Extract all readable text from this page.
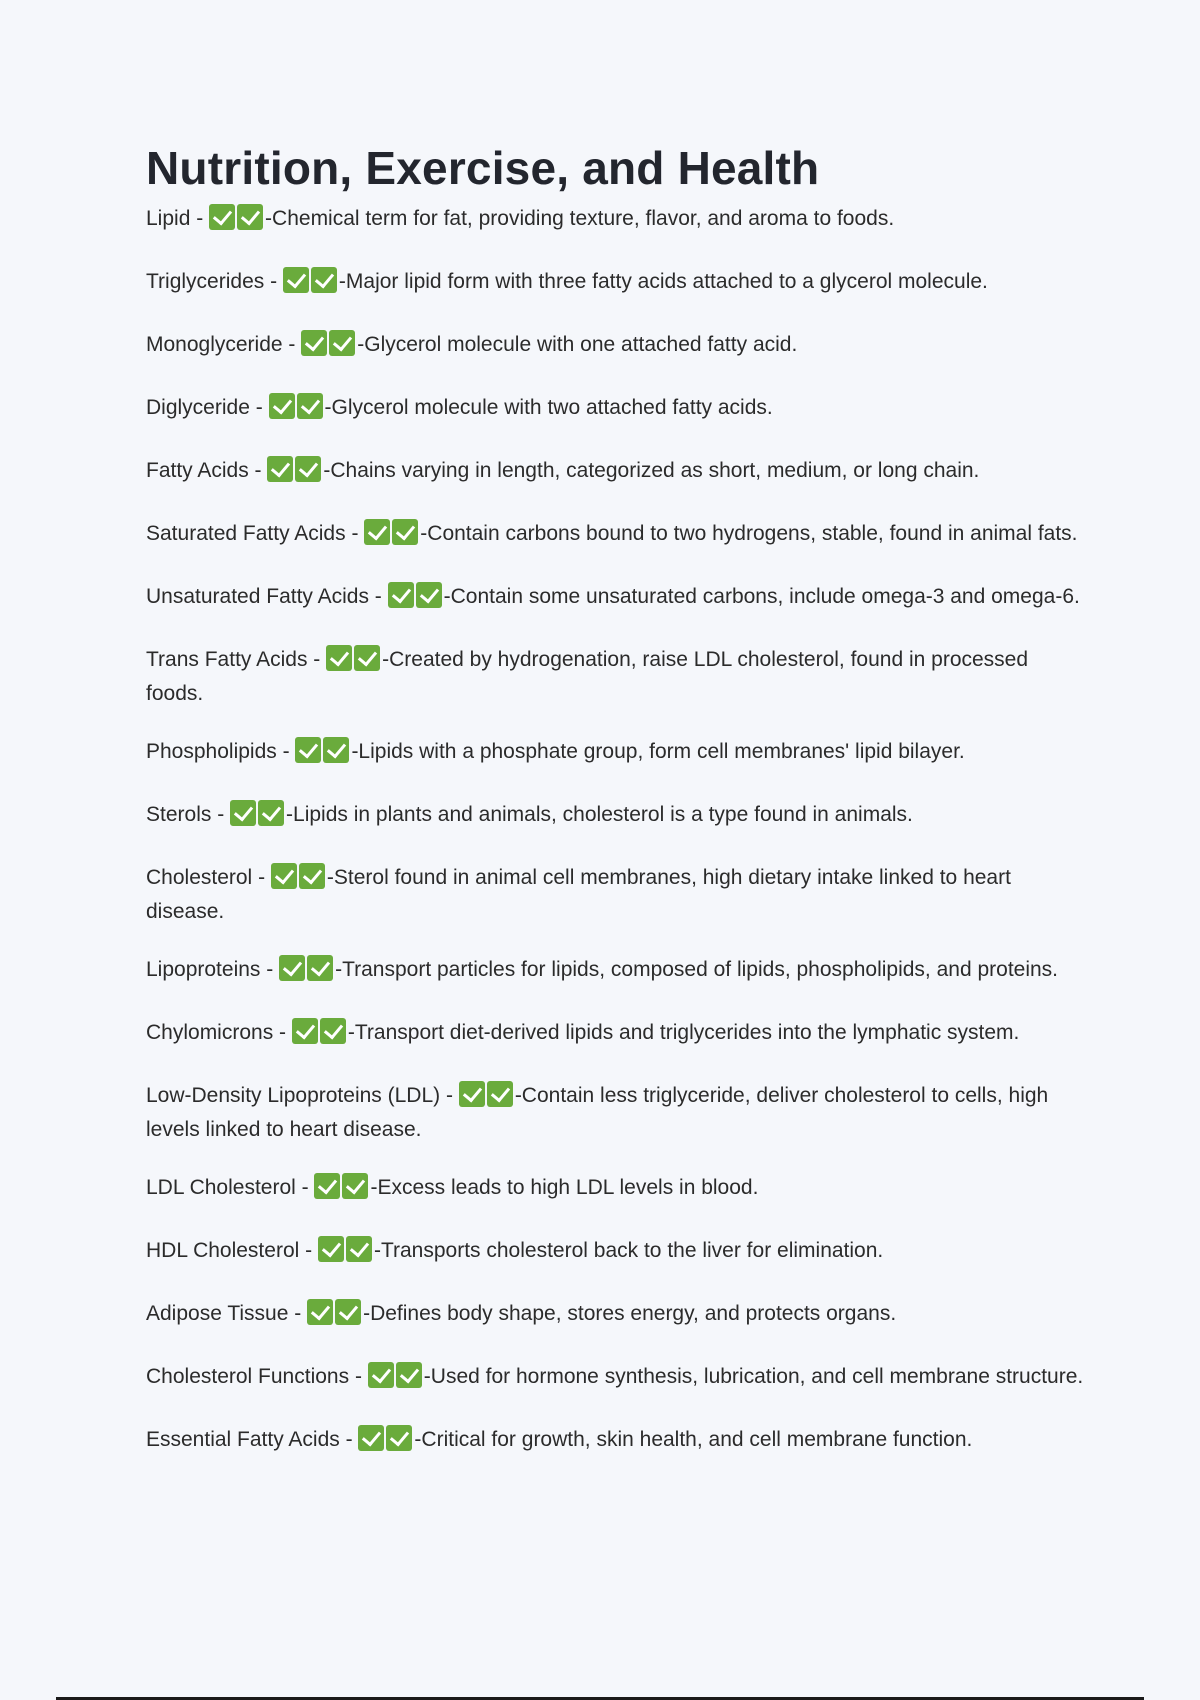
Nutrition, Exercise, and Health

Lipid -	-Chemical term for fat, providing texture, flavor, and aroma to foods.

Triglycerides -	-Major lipid form with three fatty acids attached to a glycerol molecule.

Monoglyceride -	-Glycerol molecule with one attached fatty acid.

Diglyceride -	-Glycerol molecule with two attached fatty acids.

Fatty Acids -	-Chains varying in length, categorized as short, medium, or long chain.

Saturated Fatty Acids -	-Contain carbons bound to two hydrogens, stable, found in animal fats.

Unsaturated Fatty Acids -	-Contain some unsaturated carbons, include omega-3 and omega-6.

Trans Fatty Acids -	-Created by hydrogenation, raise LDL cholesterol, found in processed foods.

Phospholipids -	-Lipids with a phosphate group, form cell membranes' lipid bilayer.

Sterols -	-Lipids in plants and animals, cholesterol is a type found in animals.

Cholesterol -	-Sterol found in animal cell membranes, high dietary intake linked to heart disease.

Lipoproteins -	-Transport particles for lipids, composed of lipids, phospholipids, and proteins.

Chylomicrons -	-Transport diet-derived lipids and triglycerides into the lymphatic system.

Low-Density Lipoproteins (LDL) -	-Contain less triglyceride, deliver cholesterol to cells, high levels linked to heart disease.

LDL Cholesterol -	-Excess leads to high LDL levels in blood.

HDL Cholesterol -	-Transports cholesterol back to the liver for elimination.

Adipose Tissue -	-Defines body shape, stores energy, and protects organs.

Cholesterol Functions -	-Used for hormone synthesis, lubrication, and cell membrane structure.

Essential Fatty Acids -	-Critical for growth, skin health, and cell membrane function.
